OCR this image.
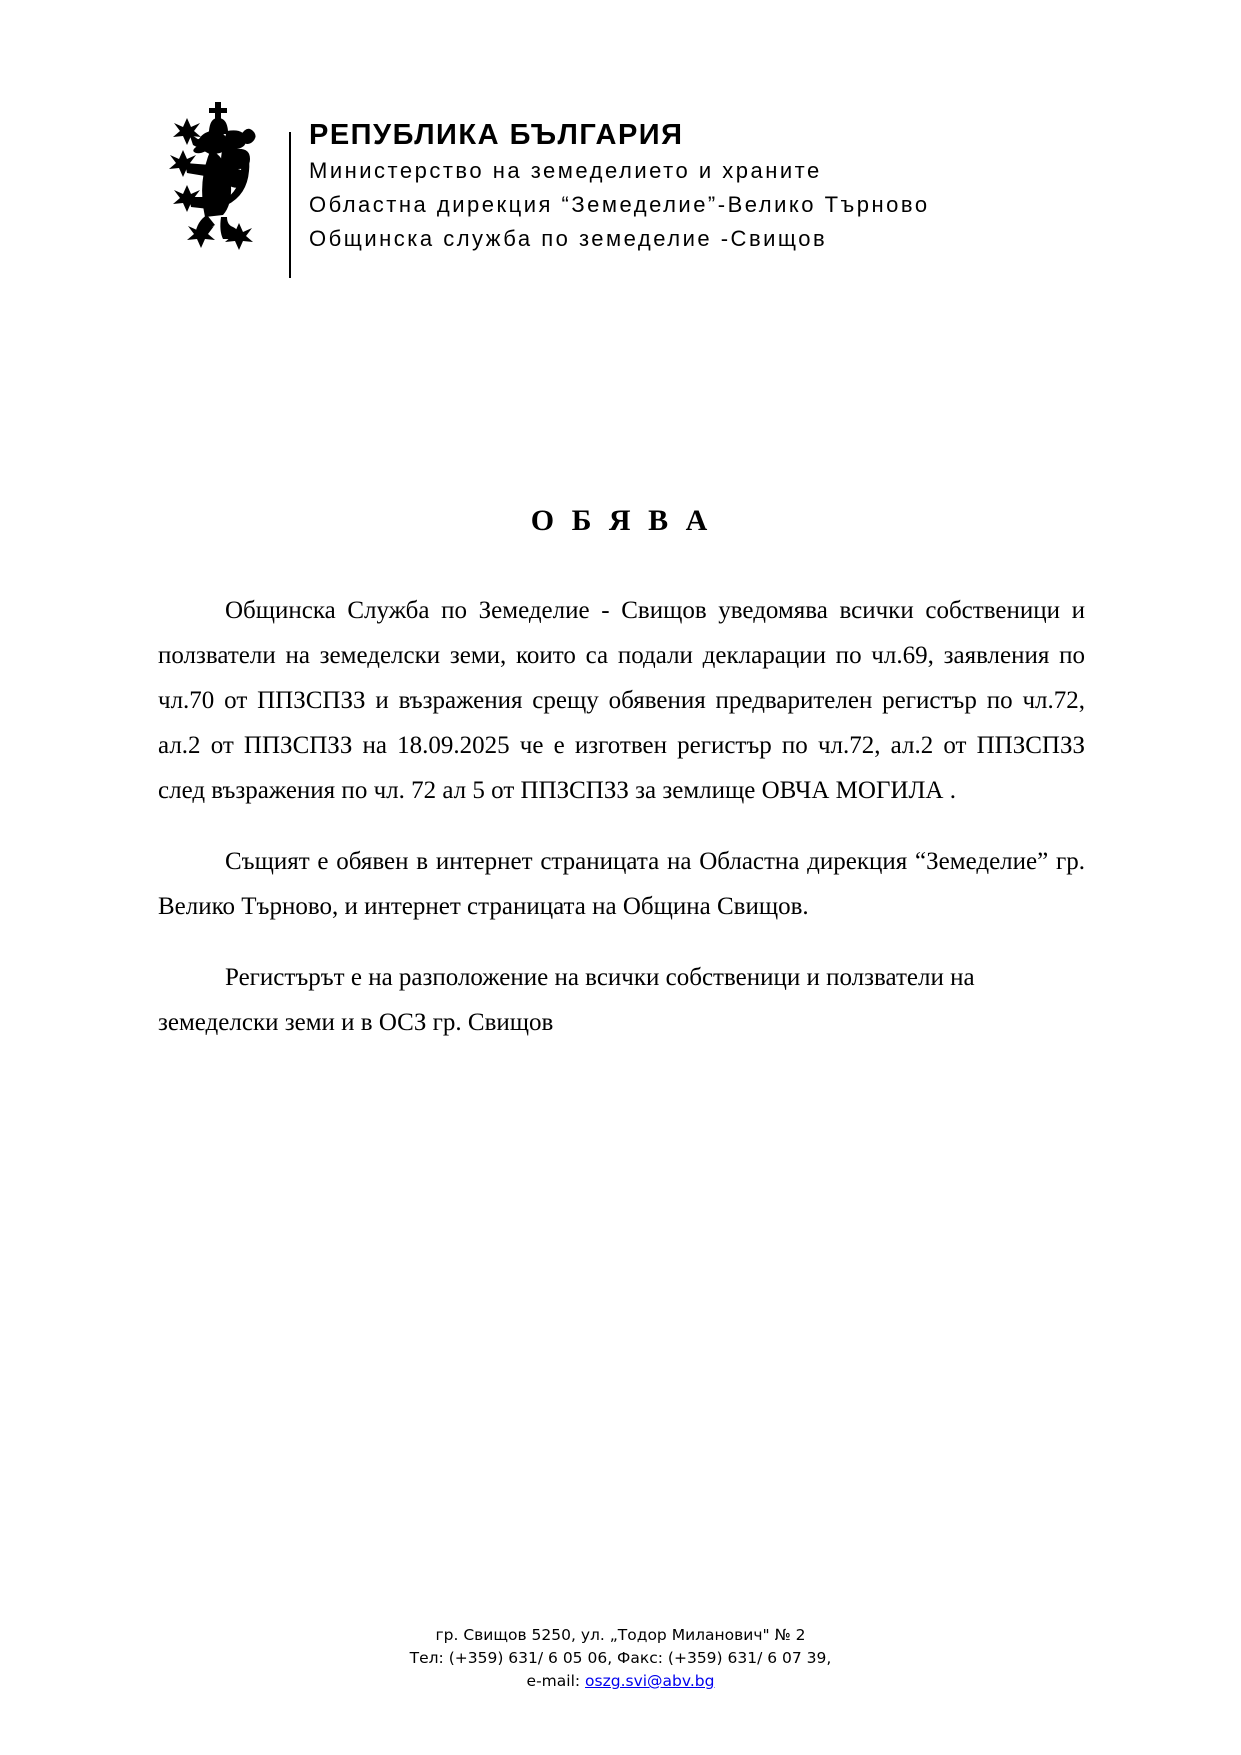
РЕПУБЛИКА БЪЛГАРИЯ
Министерство на земеделието и храните
Областна дирекция “Земеделие”-Велико Търново
Общинска служба по земеделие -Свищов
О Б Я В А

Общинска Служба по Земеделие - Свищов уведомява всички собственици и ползватели на земеделски земи, които са подали декларации по чл.69, заявления по чл.70 от ППЗСПЗЗ и възражения срещу обявения предварителен регистър по чл.72, ал.2 от ППЗСПЗЗ на 18.09.2025 че е изготвен регистър по чл.72, ал.2 от ППЗСПЗЗ след възражения по чл. 72 ал 5 от ППЗСПЗЗ за землище ОВЧА МОГИЛА .

Същият е обявен в интернет страницата на Областна дирекция “Земеделие” гр. Велико Търново, и интернет страницата на Община Свищов.

Регистърът е на разположение на всички собственици и ползватели на земеделски земи и в ОСЗ гр. Свищов

гр. Свищов 5250, ул. „Тодор Миланович" № 2
Тел: (+359) 631/ 6 05 06, Факс: (+359) 631/ 6 07 39,
e-mail: oszg.svi@abv.bg
